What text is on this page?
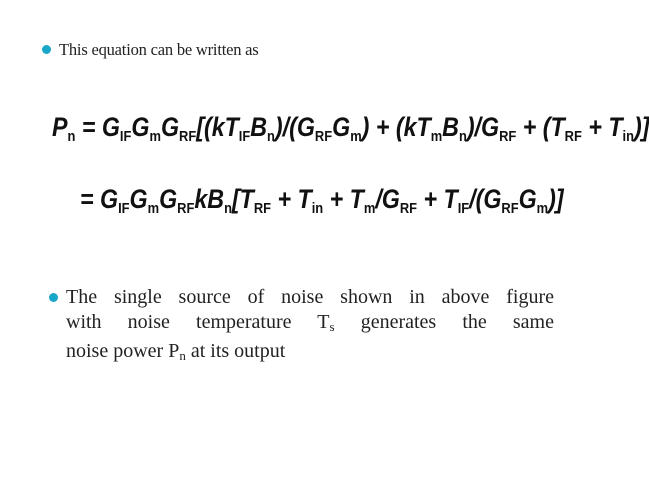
This equation can be written as
$P_n = G_{IF}G_mG_{RF}[(kT_{IF}B_n)/(G_{RF}G_m) + (kT_mB_n)/G_{RF} + (T_{RF} + T_{in})]$
= $G_{IF}G_mG_{RF}kB_n[T_{RF} + T_{in} + T_m/G_{RF} + T_{IF}/(G_{RF}G_m)]$
The single source of noise shown in above figure
with noise temperature $T_s$ generates the same
noise power $P_n$ at its output
